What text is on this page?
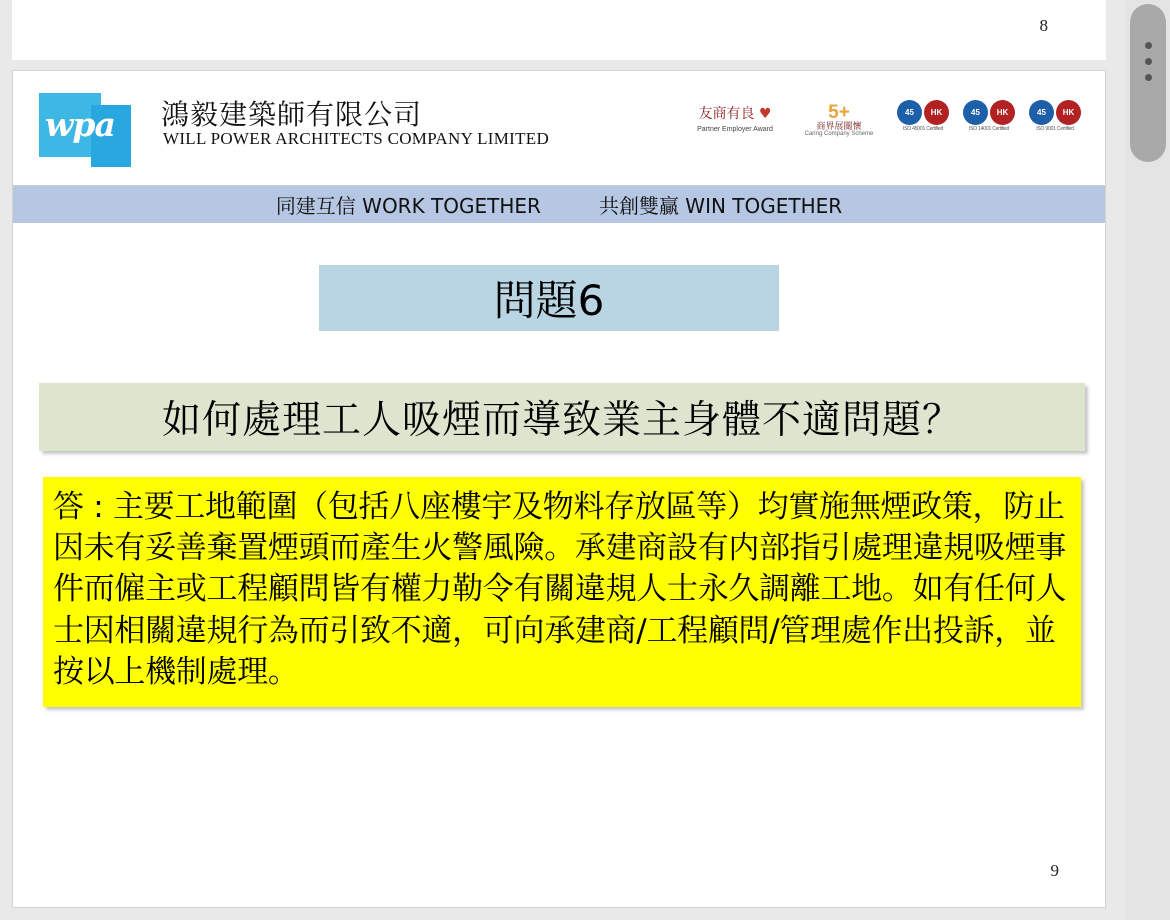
8
wpa 鴻毅建築師有限公司
WILL POWER ARCHITECTS COMPANY LIMITED
友商有良 ♥
Partner Employer Award
5+
商界展關懷
Caring Company Scheme
45	HK
ISO 45001 Certified
45	HK
ISO 14001 Certified
45	HK
ISO 9001 Certified
同建互信 WORK TOGETHER	共創雙贏 WIN TOGETHER
問題6
如何處理工人吸煙而導致業主身體不適問題？

答 : 主要工地範圍（包括八座樓宇及物料存放區等）均實施無煙政策，防止因未有妥善棄置煙頭而產生火警風險。承建商設有内部指引處理違規吸煙事件而僱主或工程顧問皆有權力勒令有關違規人士永久調離工地。如有任何人士因相關違規行為而引致不適，可向承建商/工程顧問/管理處作出投訴，並按以上機制處理。

9
